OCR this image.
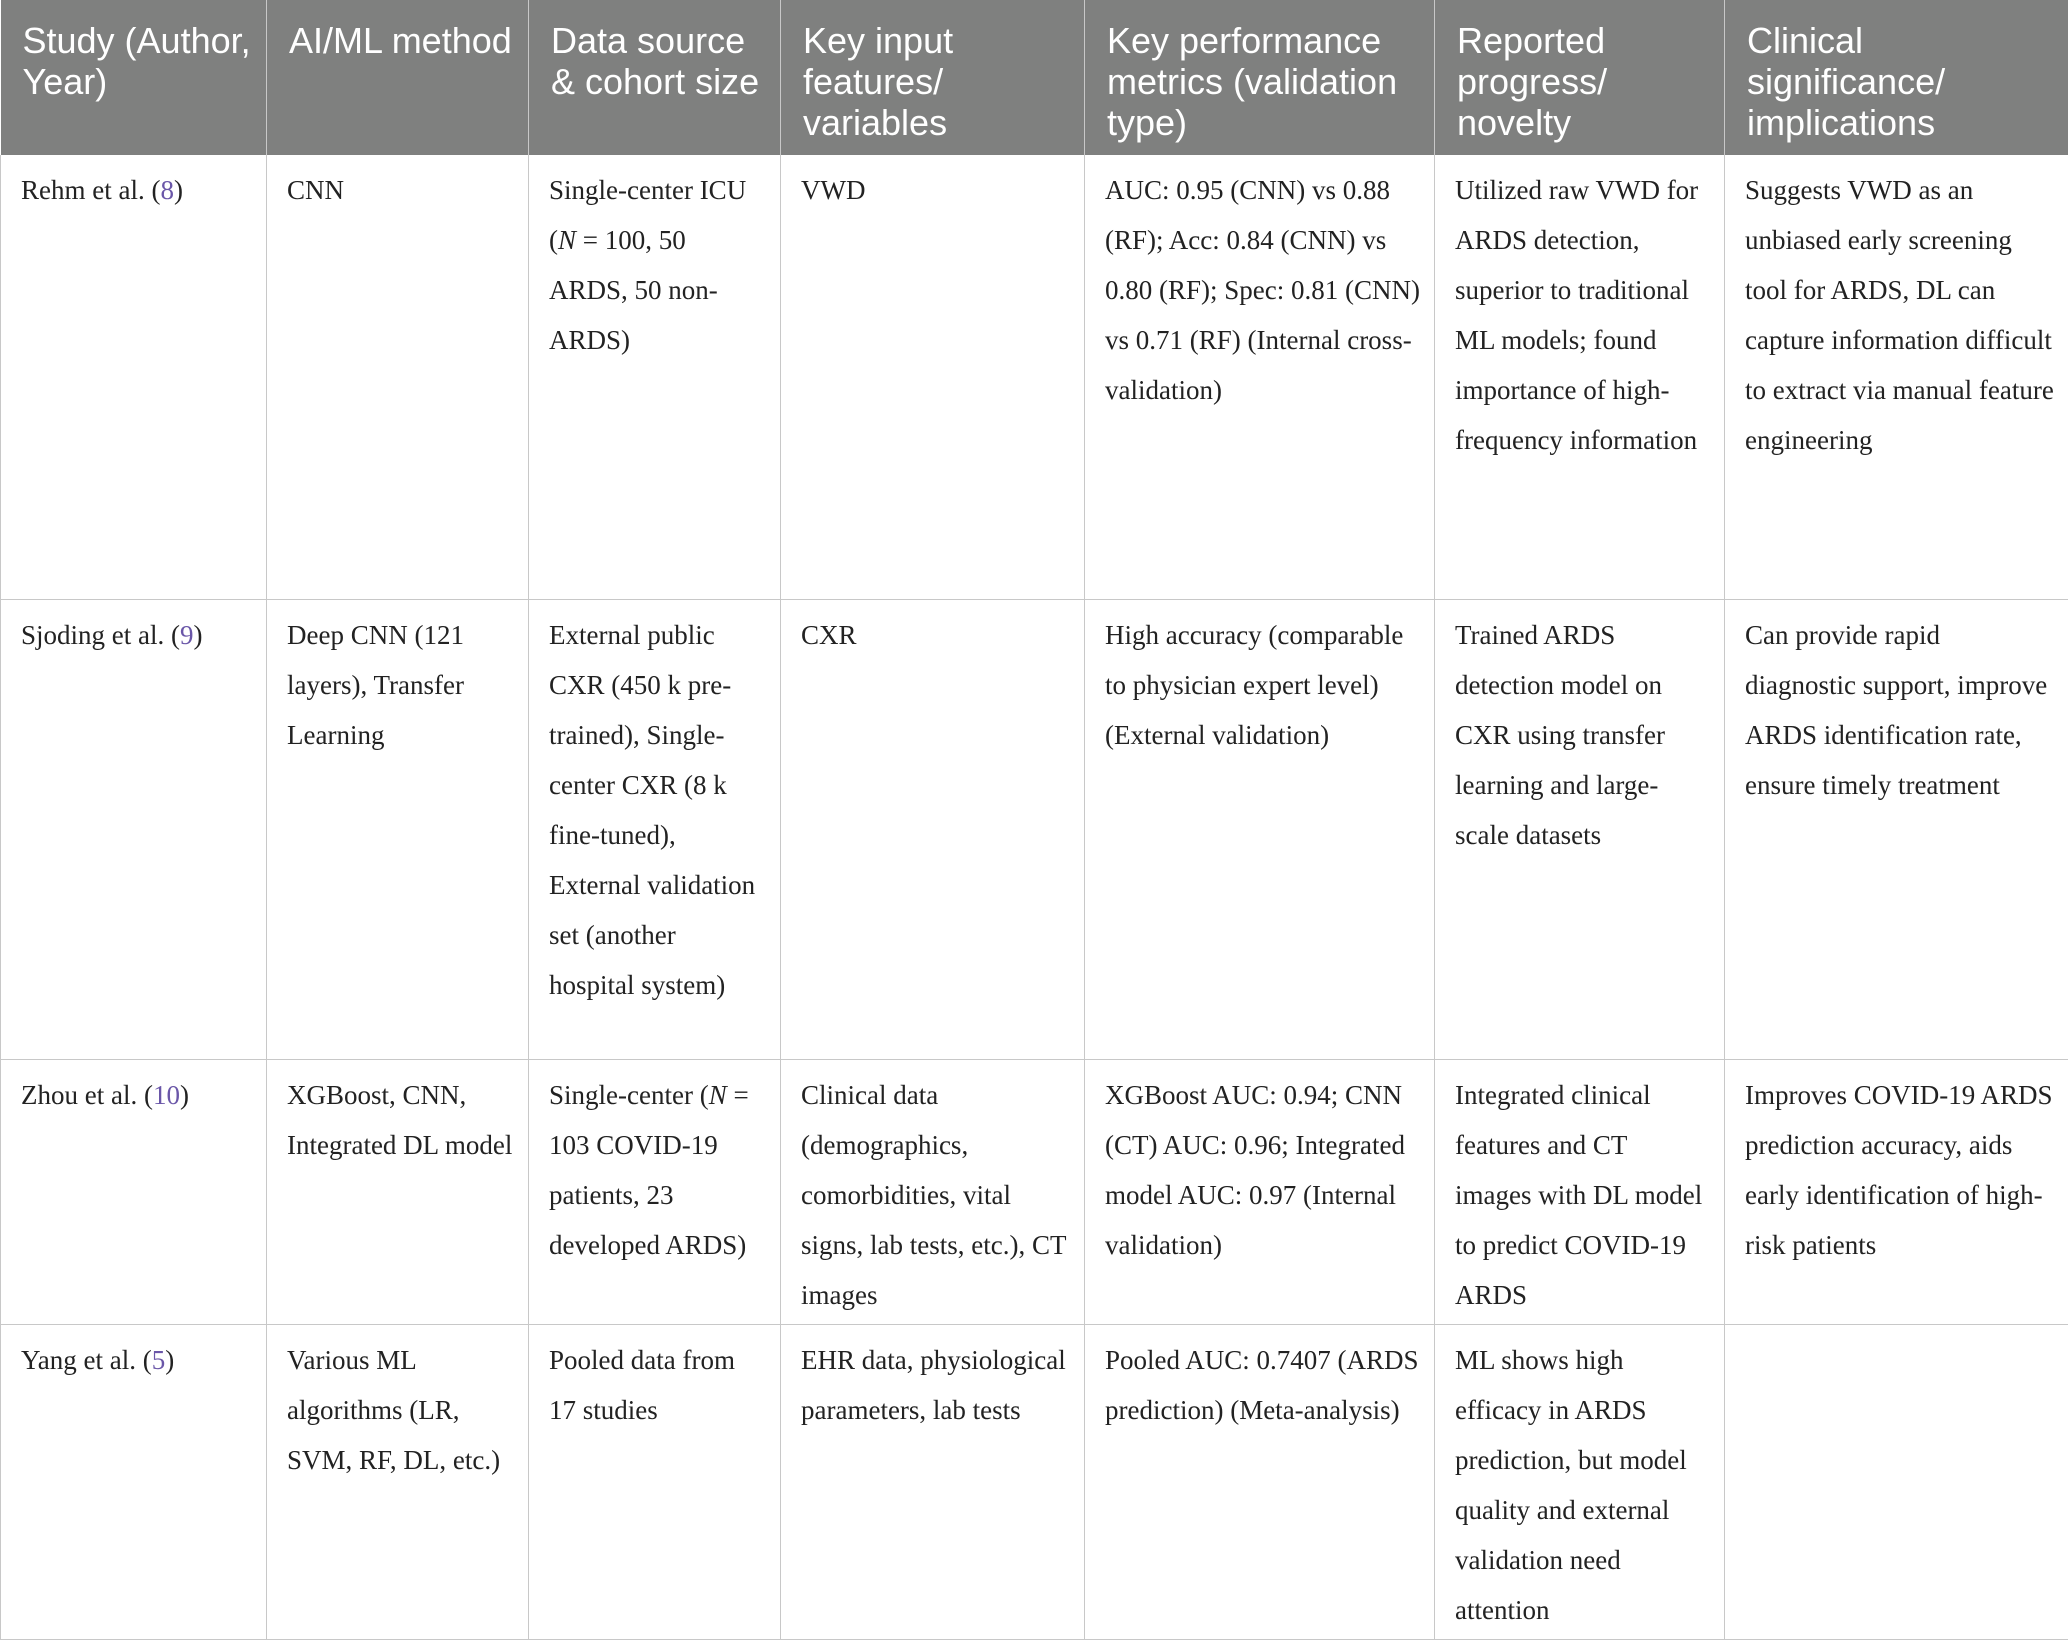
Study (Author, Year)	AI/ML method	Data source & cohort size	Key input features/ variables	Key performance metrics (validation type)	Reported progress/ novelty	Clinical significance/ implications
Rehm et al. (8)	CNN	Single-center ICU (N = 100, 50 ARDS, 50 non-ARDS)	VWD	AUC: 0.95 (CNN) vs 0.88 (RF); Acc: 0.84 (CNN) vs 0.80 (RF); Spec: 0.81 (CNN) vs 0.71 (RF) (Internal cross-validation)	Utilized raw VWD for ARDS detection, superior to traditional ML models; found importance of high-frequency information	Suggests VWD as an unbiased early screening tool for ARDS, DL can capture information difficult to extract via manual feature engineering
Sjoding et al. (9)	Deep CNN (121 layers), Transfer Learning	External public CXR (450 k pre-trained), Single-center CXR (8 k fine-tuned), External validation set (another hospital system)	CXR	High accuracy (comparable to physician expert level) (External validation)	Trained ARDS detection model on CXR using transfer learning and large-scale datasets	Can provide rapid diagnostic support, improve ARDS identification rate, ensure timely treatment
Zhou et al. (10)	XGBoost, CNN, Integrated DL model	Single-center (N = 103 COVID-19 patients, 23 developed ARDS)	Clinical data (demographics, comorbidities, vital signs, lab tests, etc.), CT images	XGBoost AUC: 0.94; CNN (CT) AUC: 0.96; Integrated model AUC: 0.97 (Internal validation)	Integrated clinical features and CT images with DL model to predict COVID-19 ARDS	Improves COVID-19 ARDS prediction accuracy, aids early identification of high-risk patients
Yang et al. (5)	Various ML algorithms (LR, SVM, RF, DL, etc.)	Pooled data from 17 studies	EHR data, physiological parameters, lab tests	Pooled AUC: 0.7407 (ARDS prediction) (Meta-analysis)	ML shows high efficacy in ARDS prediction, but model quality and external validation need attention	
